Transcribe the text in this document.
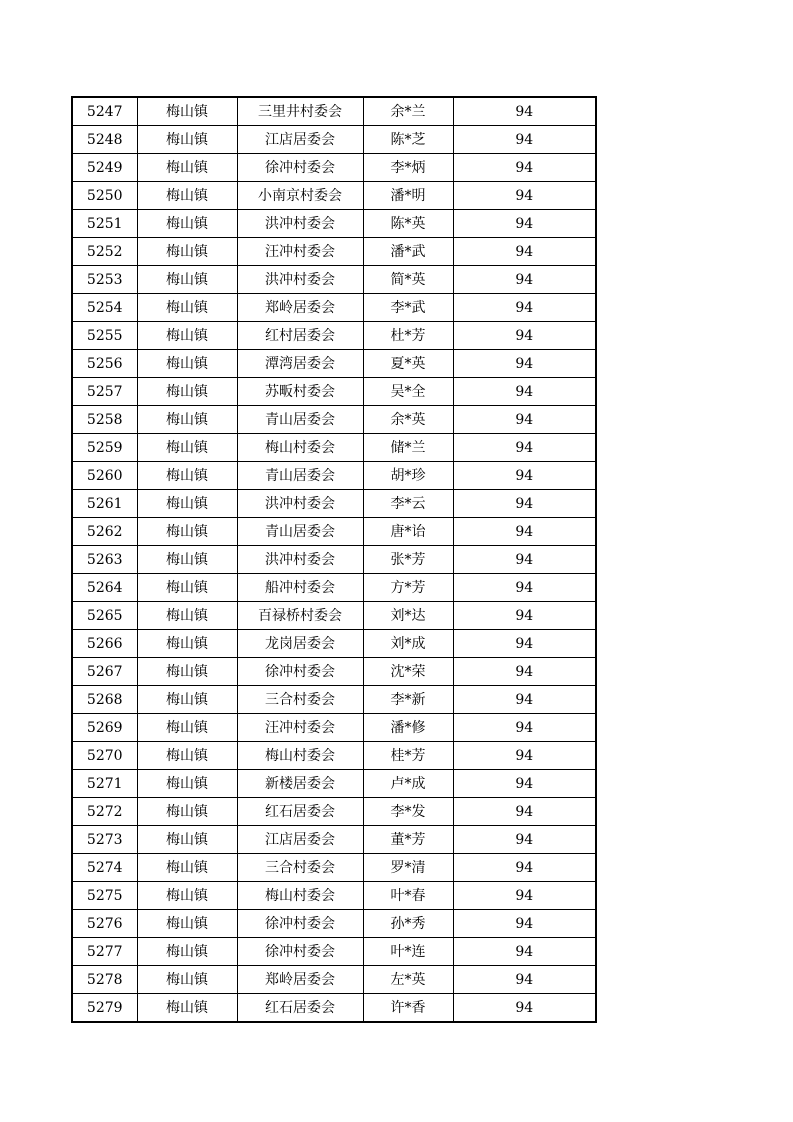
5247	梅山镇	三里井村委会	余*兰	94
5248	梅山镇	江店居委会	陈*芝	94
5249	梅山镇	徐冲村委会	李*炳	94
5250	梅山镇	小南京村委会	潘*明	94
5251	梅山镇	洪冲村委会	陈*英	94
5252	梅山镇	汪冲村委会	潘*武	94
5253	梅山镇	洪冲村委会	简*英	94
5254	梅山镇	郑岭居委会	李*武	94
5255	梅山镇	红村居委会	杜*芳	94
5256	梅山镇	潭湾居委会	夏*英	94
5257	梅山镇	苏畈村委会	吴*全	94
5258	梅山镇	青山居委会	余*英	94
5259	梅山镇	梅山村委会	储*兰	94
5260	梅山镇	青山居委会	胡*珍	94
5261	梅山镇	洪冲村委会	李*云	94
5262	梅山镇	青山居委会	唐*诒	94
5263	梅山镇	洪冲村委会	张*芳	94
5264	梅山镇	船冲村委会	方*芳	94
5265	梅山镇	百禄桥村委会	刘*达	94
5266	梅山镇	龙岗居委会	刘*成	94
5267	梅山镇	徐冲村委会	沈*荣	94
5268	梅山镇	三合村委会	李*新	94
5269	梅山镇	汪冲村委会	潘*修	94
5270	梅山镇	梅山村委会	桂*芳	94
5271	梅山镇	新楼居委会	卢*成	94
5272	梅山镇	红石居委会	李*发	94
5273	梅山镇	江店居委会	董*芳	94
5274	梅山镇	三合村委会	罗*清	94
5275	梅山镇	梅山村委会	叶*春	94
5276	梅山镇	徐冲村委会	孙*秀	94
5277	梅山镇	徐冲村委会	叶*连	94
5278	梅山镇	郑岭居委会	左*英	94
5279	梅山镇	红石居委会	许*香	94
